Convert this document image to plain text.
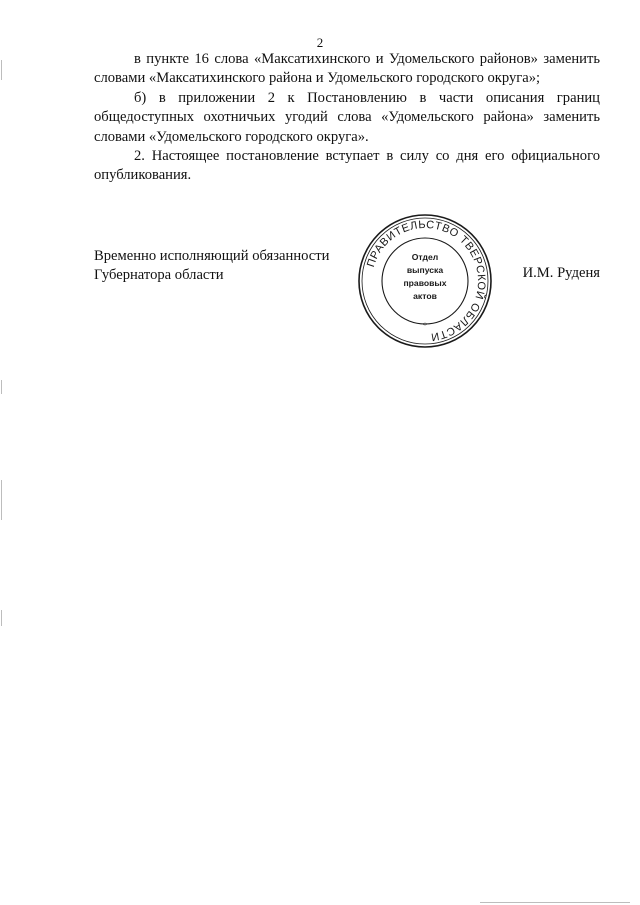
2

в пункте 16 слова «Максатихинского и Удомельского районов» заменить словами «Максатихинского района и Удомельского городского округа»;

б) в приложении 2 к Постановлению в части описания границ общедоступных охотничьих угодий слова «Удомельского района» заменить словами «Удомельского городского округа».

2. Настоящее постановление вступает в силу со дня его официального опубликования.

Временно исполняющий обязанности
Губернатора области
ПРАВИТЕЛЬСТВО ТВЕРСКОЙ ОБЛАСТИ
Отдел
выпуска
правовых
актов
*
И.М. Руденя
